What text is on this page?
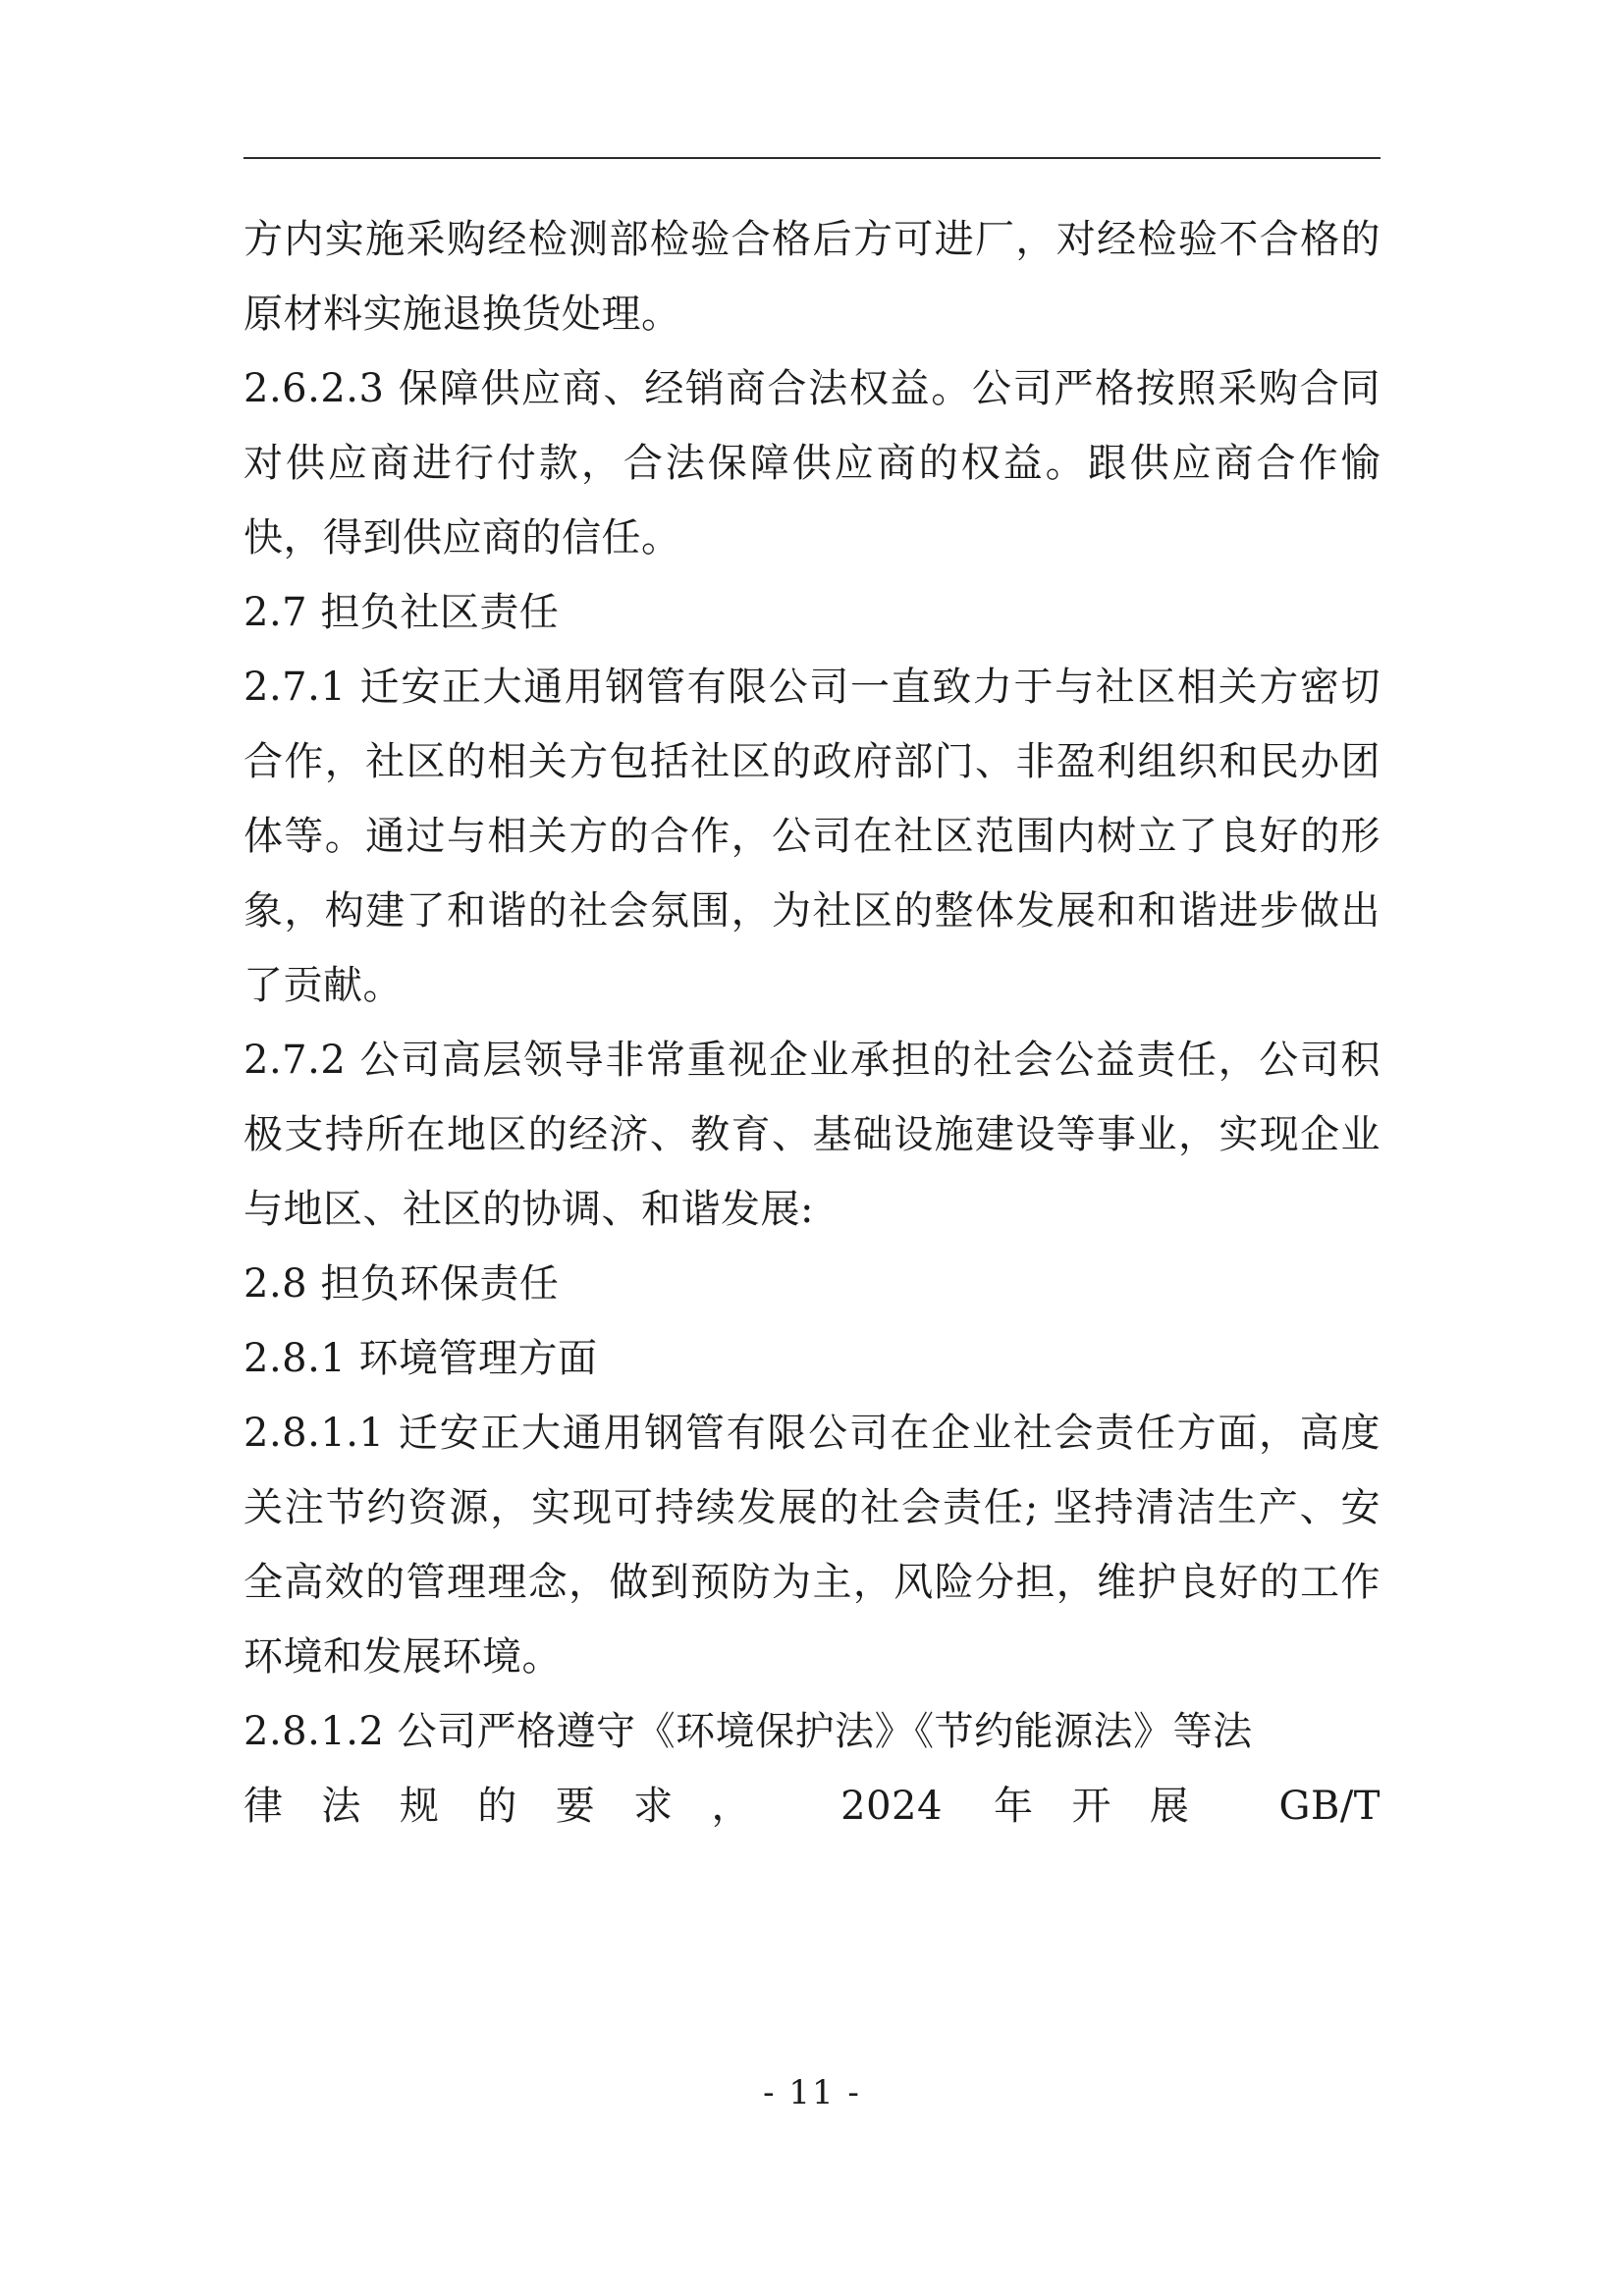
方内实施采购经检测部检验合格后方可进厂，对经检验不合格的原材料实施退换货处理。

2.6.2.3 保障供应商、经销商合法权益。公司严格按照采购合同对供应商进行付款，合法保障供应商的权益。跟供应商合作愉快，得到供应商的信任。

2.7 担负社区责任

2.7.1 迁安正大通用钢管有限公司一直致力于与社区相关方密切合作，社区的相关方包括社区的政府部门、非盈利组织和民办团体等。通过与相关方的合作，公司在社区范围内树立了良好的形象，构建了和谐的社会氛围，为社区的整体发展和和谐进步做出了贡献。

2.7.2 公司高层领导非常重视企业承担的社会公益责任，公司积极支持所在地区的经济、教育、基础设施建设等事业，实现企业与地区、社区的协调、和谐发展:

2.8 担负环保责任

2.8.1 环境管理方面

2.8.1.1 迁安正大通用钢管有限公司在企业社会责任方面，高度关注节约资源，实现可持续发展的社会责任; 坚持清洁生产、安全高效的管理理念，做到预防为主，风险分担，维护良好的工作环境和发展环境。

2.8.1.2 公司严格遵守《环境保护法》《节约能源法》等法

律法规的要求， 2024 年开展 GB/T

- 11 -
